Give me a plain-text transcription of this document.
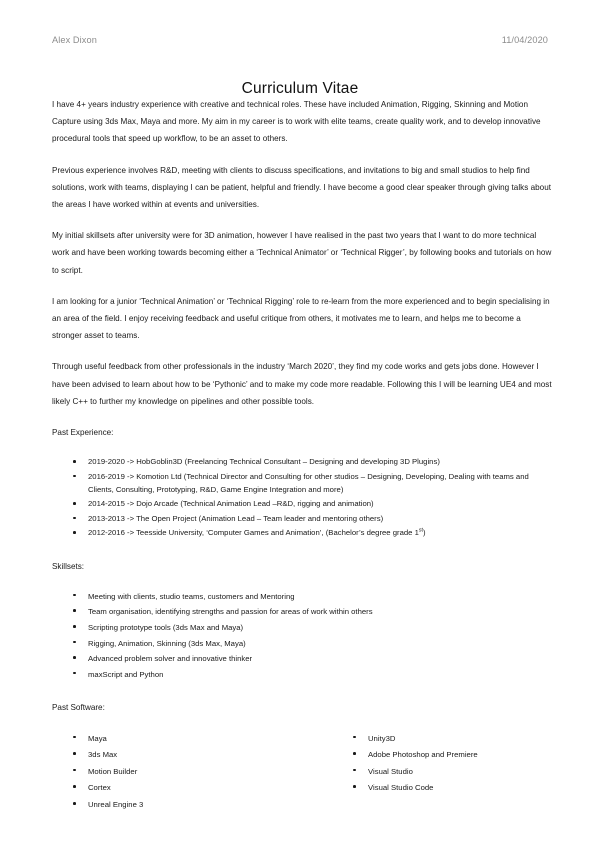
Alex Dixon	11/04/2020
Curriculum Vitae

I have 4+ years industry experience with creative and technical roles. These have included Animation, Rigging, Skinning and Motion Capture using 3ds Max, Maya and more. My aim in my career is to work with elite teams, create quality work, and to develop innovative procedural tools that speed up workflow, to be an asset to others.

Previous experience involves R&D, meeting with clients to discuss specifications, and invitations to big and small studios to help find solutions, work with teams, displaying I can be patient, helpful and friendly. I have become a good clear speaker through giving talks about the areas I have worked within at events and universities.

My initial skillsets after university were for 3D animation, however I have realised in the past two years that I want to do more technical work and have been working towards becoming either a ‘Technical Animator’ or ‘Technical Rigger’, by following books and tutorials on how to script.

I am looking for a junior ‘Technical Animation’ or ‘Technical Rigging’ role to re-learn from the more experienced and to begin specialising in an area of the field. I enjoy receiving feedback and useful critique from others, it motivates me to learn, and helps me to become a stronger asset to teams.

Through useful feedback from other professionals in the industry ‘March 2020’, they find my code works and gets jobs done. However I have been advised to learn about how to be ‘Pythonic’ and to make my code more readable. Following this I will be learning UE4 and most likely C++ to further my knowledge on pipelines and other possible tools.

Past Experience:
2019-2020 -> HobGoblin3D (Freelancing Technical Consultant – Designing and developing 3D Plugins)
2016-2019 -> Komotion Ltd (Technical Director and Consulting for other studios – Designing, Developing, Dealing with teams and Clients, Consulting, Prototyping, R&D, Game Engine Integration and more)
2014-2015 -> Dojo Arcade (Technical Animation Lead –R&D, rigging and animation)
2013-2013 -> The Open Project (Animation Lead – Team leader and mentoring others)
2012-2016 -> Teesside University, ‘Computer Games and Animation’, (Bachelor’s degree grade 1st)
Skillsets:
Meeting with clients, studio teams, customers and Mentoring
Team organisation, identifying strengths and passion for areas of work within others
Scripting prototype tools (3ds Max and Maya)
Rigging, Animation, Skinning (3ds Max, Maya)
Advanced problem solver and innovative thinker
maxScript and Python
Past Software:
Maya
3ds Max
Motion Builder
Cortex
Unreal Engine 3
Unity3D
Adobe Photoshop and Premiere
Visual Studio
Visual Studio Code
